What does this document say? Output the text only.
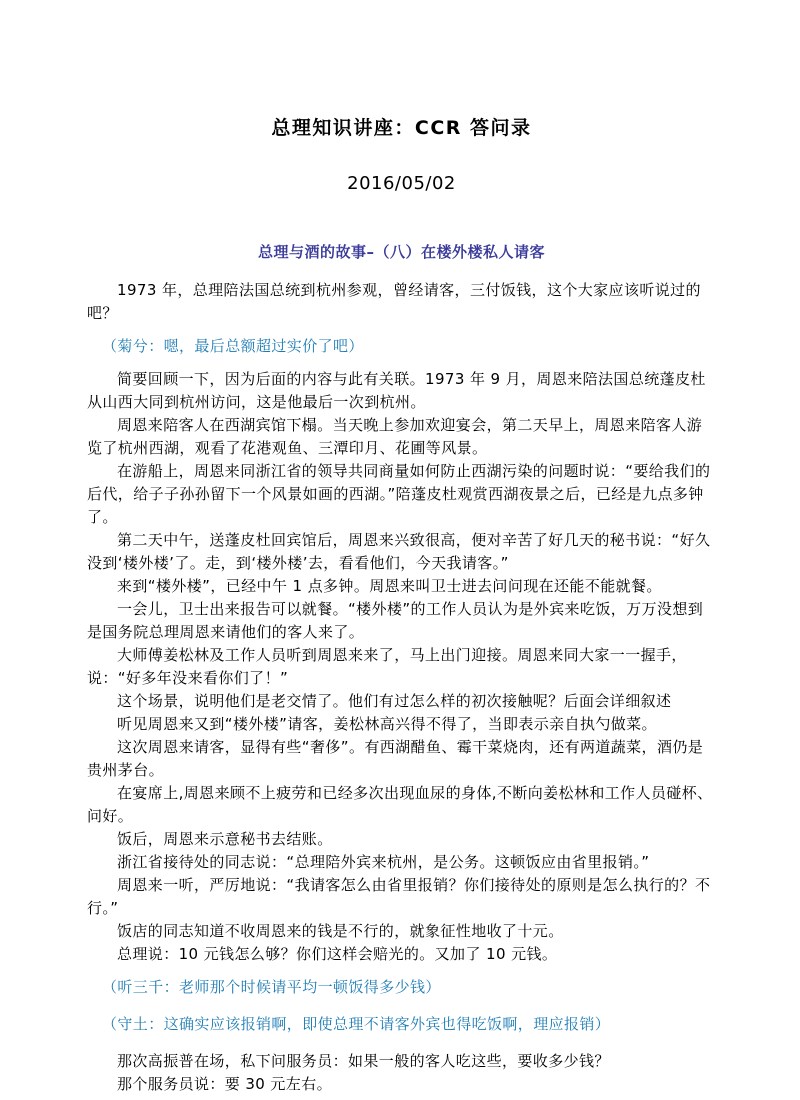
总理知识讲座：CCR 答问录
2016/05/02
总理与酒的故事–（八）在楼外楼私人请客

1973 年，总理陪法国总统到杭州参观，曾经请客，三付饭钱，这个大家应该听说过的吧？

（菊兮：嗯，最后总额超过实价了吧）

简要回顾一下，因为后面的内容与此有关联。1973 年 9 月，周恩来陪法国总统蓬皮杜从山西大同到杭州访问，这是他最后一次到杭州。

周恩来陪客人在西湖宾馆下榻。当天晚上参加欢迎宴会，第二天早上，周恩来陪客人游览了杭州西湖，观看了花港观鱼、三潭印月、花圃等风景。

在游船上，周恩来同浙江省的领导共同商量如何防止西湖污染的问题时说：“要给我们的后代，给子子孙孙留下一个风景如画的西湖。”陪蓬皮杜观赏西湖夜景之后，已经是九点多钟了。

第二天中午，送蓬皮杜回宾馆后，周恩来兴致很高，便对辛苦了好几天的秘书说：“好久没到‘楼外楼’了。走，到‘楼外楼’去，看看他们，今天我请客。”

来到“楼外楼”，已经中午 1 点多钟。周恩来叫卫士进去问问现在还能不能就餐。

一会儿，卫士出来报告可以就餐。“楼外楼”的工作人员认为是外宾来吃饭，万万没想到是国务院总理周恩来请他们的客人来了。

大师傅姜松林及工作人员听到周恩来来了，马上出门迎接。周恩来同大家一一握手，说：“好多年没来看你们了！”

这个场景，说明他们是老交情了。他们有过怎么样的初次接触呢？后面会详细叙述

听见周恩来又到“楼外楼”请客，姜松林高兴得不得了，当即表示亲自执勺做菜。

这次周恩来请客，显得有些“奢侈”。有西湖醋鱼、霉干菜烧肉，还有两道蔬菜，酒仍是贵州茅台。

在宴席上,周恩来顾不上疲劳和已经多次出现血尿的身体,不断向姜松林和工作人员碰杯、问好。

饭后，周恩来示意秘书去结账。

浙江省接待处的同志说：“总理陪外宾来杭州，是公务。这顿饭应由省里报销。”

周恩来一听，严厉地说：“我请客怎么由省里报销？你们接待处的原则是怎么执行的？不行。”

饭店的同志知道不收周恩来的钱是不行的，就象征性地收了十元。

总理说：10 元钱怎么够？你们这样会赔光的。又加了 10 元钱。

（听三千：老师那个时候请平均一顿饭得多少钱）

（守土：这确实应该报销啊，即使总理不请客外宾也得吃饭啊，理应报销）

那次高振普在场，私下问服务员：如果一般的客人吃这些，要收多少钱？

那个服务员说：要 30 元左右。
